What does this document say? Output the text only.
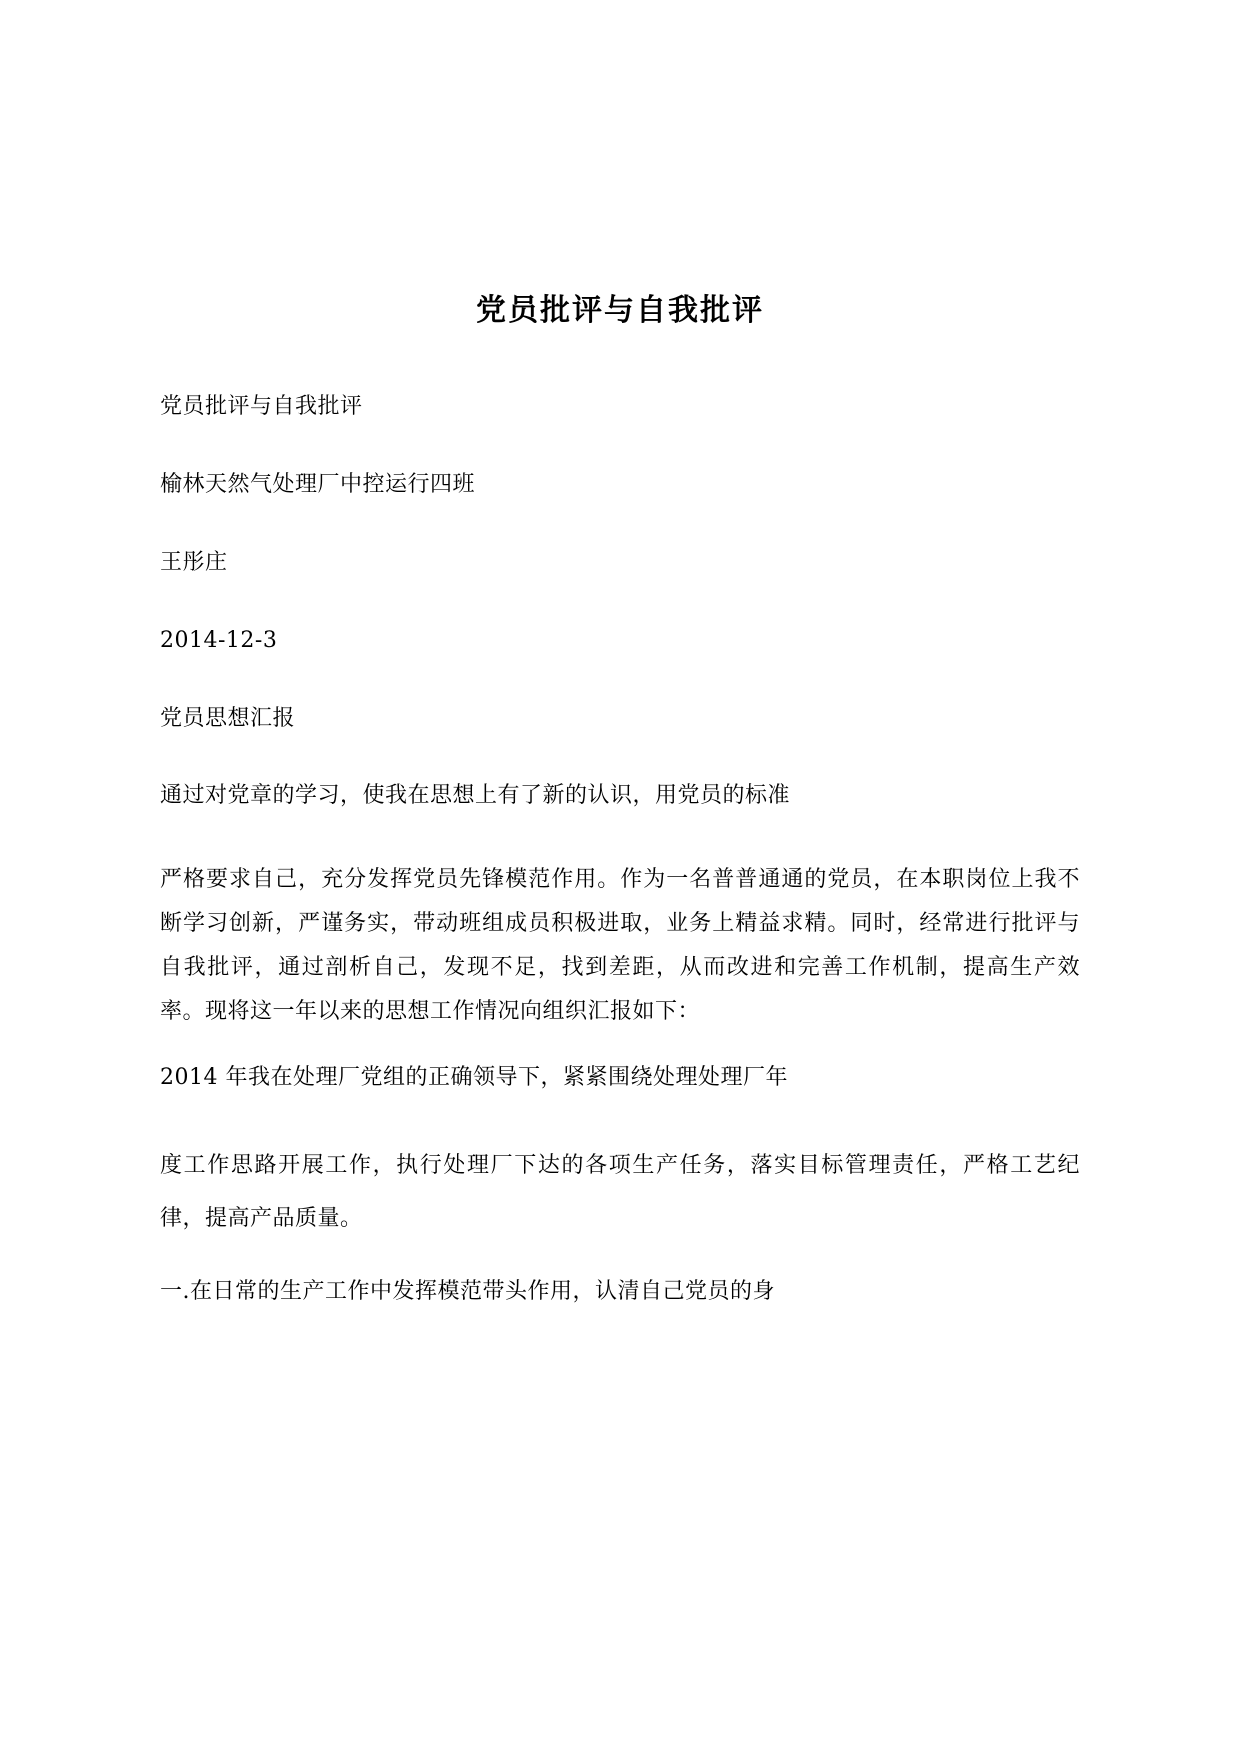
党员批评与自我批评

党员批评与自我批评

榆林天然气处理厂中控运行四班

王彤庄

2014-12-3

党员思想汇报

通过对党章的学习，使我在思想上有了新的认识，用党员的标准

严格要求自己，充分发挥党员先锋模范作用。作为一名普普通通的党员，在本职岗位上我不断学习创新，严谨务实，带动班组成员积极进取，业务上精益求精。同时，经常进行批评与自我批评，通过剖析自己，发现不足，找到差距，从而改进和完善工作机制，提高生产效率。现将这一年以来的思想工作情况向组织汇报如下：

2014 年我在处理厂党组的正确领导下，紧紧围绕处理处理厂年

度工作思路开展工作，执行处理厂下达的各项生产任务，落实目标管理责任，严格工艺纪律，提高产品质量。

一.在日常的生产工作中发挥模范带头作用，认清自己党员的身
